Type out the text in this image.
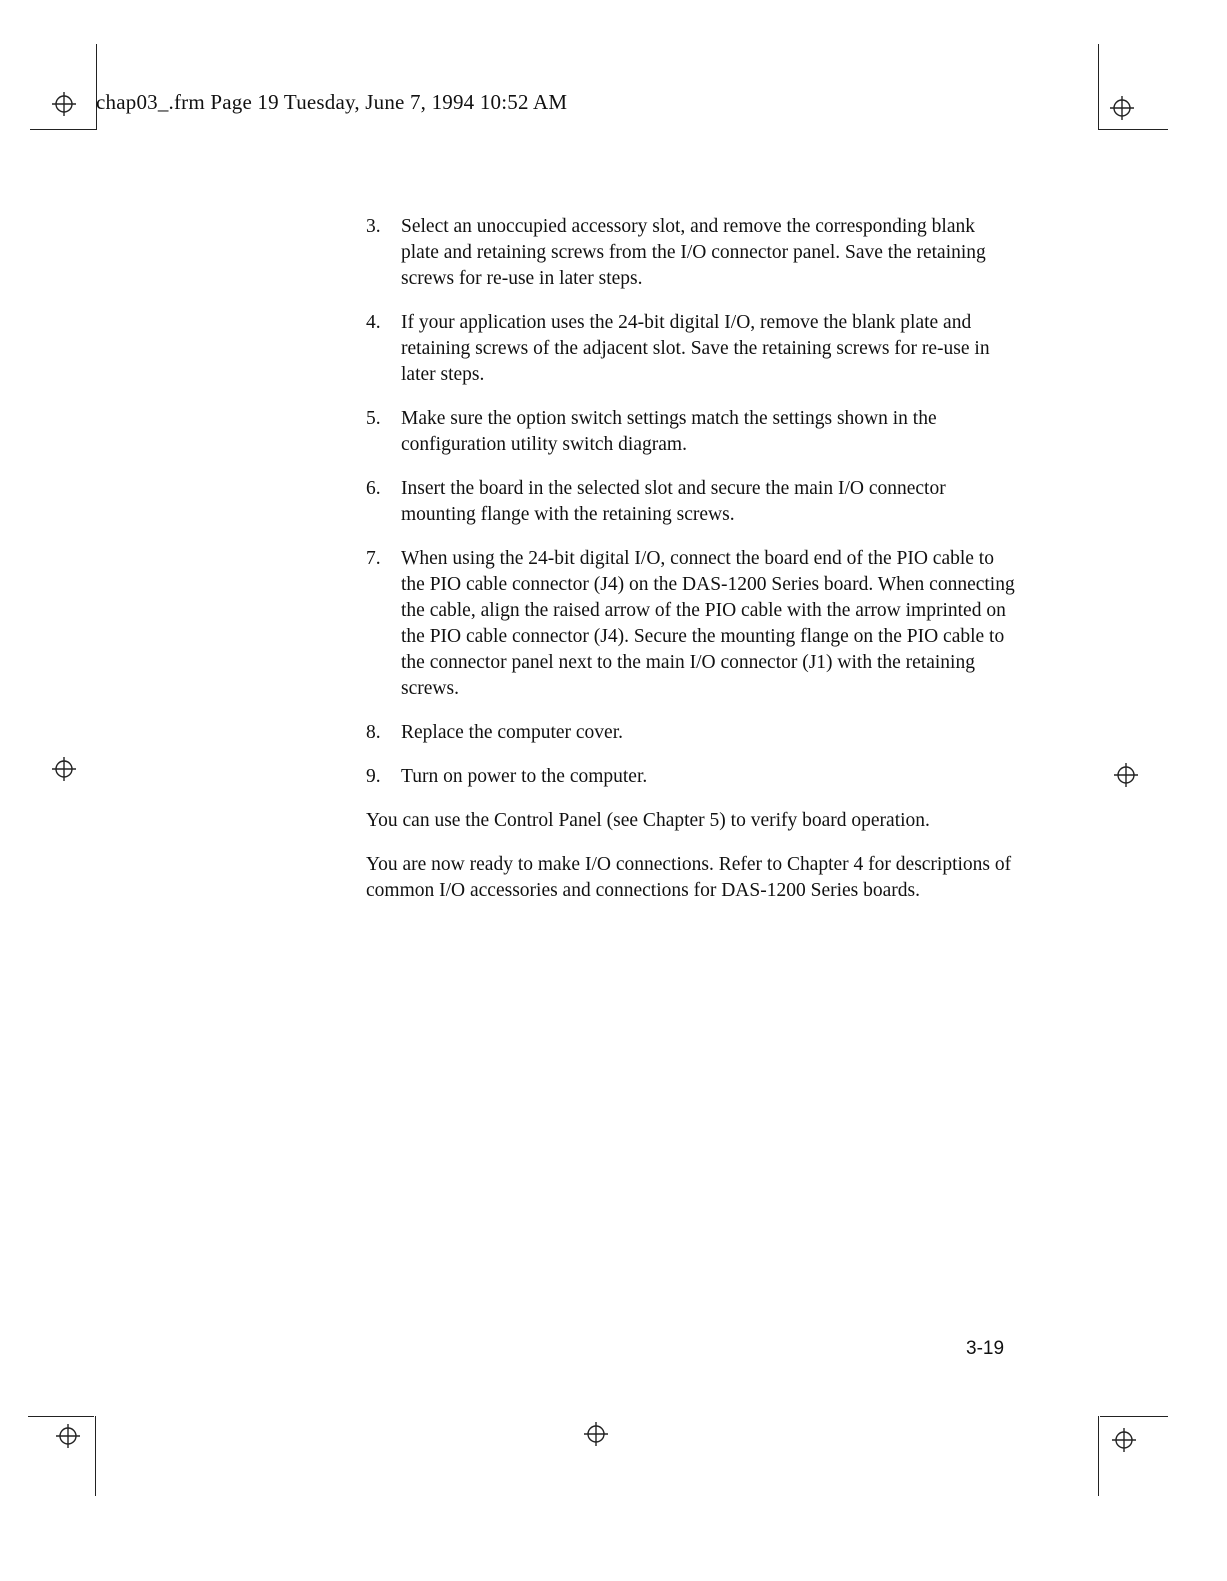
chap03_.frm Page 19 Tuesday, June 7, 1994 10:52 AM
3. Select an unoccupied accessory slot, and remove the corresponding blank plate and retaining screws from the I/O connector panel. Save the retaining screws for re-use in later steps.
4. If your application uses the 24-bit digital I/O, remove the blank plate and retaining screws of the adjacent slot. Save the retaining screws for re-use in later steps.
5. Make sure the option switch settings match the settings shown in the configuration utility switch diagram.
6. Insert the board in the selected slot and secure the main I/O connector mounting flange with the retaining screws.
7. When using the 24-bit digital I/O, connect the board end of the PIO cable to the PIO cable connector (J4) on the DAS-1200 Series board. When connecting the cable, align the raised arrow of the PIO cable with the arrow imprinted on the PIO cable connector (J4). Secure the mounting flange on the PIO cable to the connector panel next to the main I/O connector (J1) with the retaining screws.
8. Replace the computer cover.
9. Turn on power to the computer.

You can use the Control Panel (see Chapter 5) to verify board operation.

You are now ready to make I/O connections. Refer to Chapter 4 for descriptions of common I/O accessories and connections for DAS-1200 Series boards.

3-19
